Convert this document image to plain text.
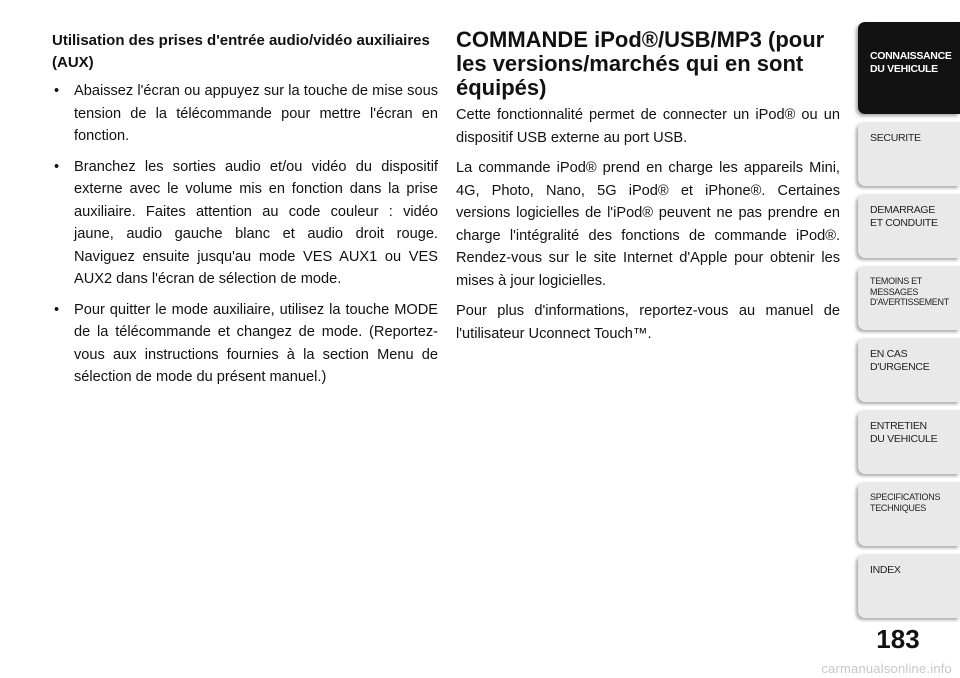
Utilisation des prises d'entrée audio/vidéo auxiliaires (AUX)

• Abaissez l'écran ou appuyez sur la touche de mise sous tension de la télécommande pour mettre l'écran en fonction.
• Branchez les sorties audio et/ou vidéo du dispositif externe avec le volume mis en fonction dans la prise auxiliaire. Faites attention au code couleur : vidéo jaune, audio gauche blanc et audio droit rouge. Naviguez ensuite jusqu'au mode VES AUX1 ou VES AUX2 dans l'écran de sélection de mode.
• Pour quitter le mode auxiliaire, utilisez la touche MODE de la télécommande et changez de mode. (Reportez-vous aux instructions fournies à la section Menu de sélection de mode du présent manuel.)
COMMANDE iPod®/USB/MP3 (pour les versions/marchés qui en sont équipés)

Cette fonctionnalité permet de connecter un iPod® ou un dispositif USB externe au port USB.

La commande iPod® prend en charge les appareils Mini, 4G, Photo, Nano, 5G iPod® et iPhone®. Certaines versions logicielles de l'iPod® peuvent ne pas prendre en charge l'intégralité des fonctions de commande iPod®. Rendez-vous sur le site Internet d'Apple pour obtenir les mises à jour logicielles.

Pour plus d'informations, reportez-vous au manuel de l'utilisateur Uconnect Touch™.

CONNAISSANCE
DU VEHICULE
SECURITE
DEMARRAGE
ET CONDUITE
TEMOINS ET
MESSAGES
D'AVERTISSEMENT
EN CAS
D'URGENCE
ENTRETIEN
DU VEHICULE
SPECIFICATIONS
TECHNIQUES
INDEX
183
carmanualsonline.info
